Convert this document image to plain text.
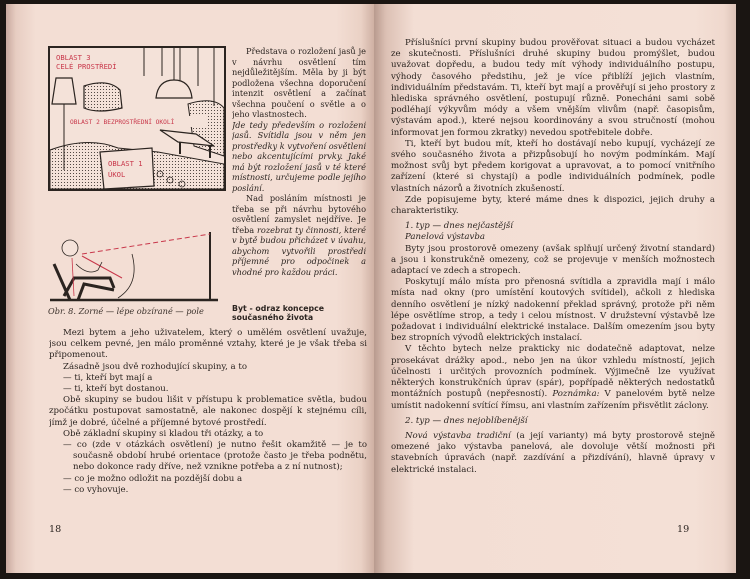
OBLAST 3
CELÉ PROSTŘEDÍ
OBLAST 2 BEZPROSTŘEDNÍ OKOLÍ
OBLAST 1
ÚKOL
Obr. 8. Zorné — lépe obzírané — pole	Byt - odraz koncepce
současného života

Představa o rozložení jasů je v návrhu osvětlení tím nejdůležitějším. Měla by ji být podložena všechna doporučení intenzit osvětlení a začínat všechna poučení o světle a o jeho vlastnostech.

Jde tedy především o rozložení jasů. Svítidla jsou v něm jen prostředky k vytvoření osvětlení nebo akcentujícími prvky. Jaké má být rozložení jasů v té které místnosti, určujeme podle jejího poslání.

Nad posláním místnosti je třeba se při návrhu bytového osvětlení zamyslet nejdříve. Je třeba rozebrat ty činnosti, které v bytě budou přicházet v úvahu, abychom vytvořili prostředí příjemné pro odpočinek a vhodné pro každou práci.

Mezi bytem a jeho uživatelem, který o umělém osvětlení uvažuje, jsou celkem pevné, jen málo proměnné vztahy, které je je však třeba si připomenout.

Zásadně jsou dvě rozhodující skupiny, a to

— ti, kteří byt mají a

— ti, kteří byt dostanou.

Obě skupiny se budou lišit v přístupu k problematice světla, budou zpočátku postupovat samostatně, ale nakonec dospějí k stejnému cíli, jímž je dobré, účelné a příjemné bytové prostředí.

Obě základní skupiny si kladou tři otázky, a to

— co (zde v otázkách osvětlení) je nutno řešit okamžitě — je to současně období hrubé orientace (protože často je třeba podnětu, nebo dokonce rady dříve, než vznikne potřeba a z ní nutnost);

— co je možno odložit na pozdější dobu a

— co vyhovuje.

18

Příslušníci první skupiny budou prověřovat situaci a budou vycházet ze skutečnosti. Příslušníci druhé skupiny budou promýšlet, budou uvažovat dopředu, a budou tedy mít výhody individuálního postupu, výhody časového předstihu, jež je více přiblíží jejich vlastním, individuálním představám. Ti, kteří byt mají a prověřují si jeho prostory z hlediska správného osvětlení, postupují různě. Ponecháni sami sobě podléhají výkyvům módy a všem vnějším vlivům (např. časopisům, výstavám apod.), které nejsou koordinovány a svou stručností (mohou informovat jen formou zkratky) nevedou spotřebitele dobře.

Ti, kteří byt budou mít, kteří ho dostávají nebo kupují, vycházejí ze svého současného života a přizpůsobují ho novým podmínkám. Mají možnost svůj byt předem korigovat a upravovat, a to pomocí vnitřního zařízení (které si chystají) a podle individuálních podmínek, podle vlastních názorů a životních zkušeností.

Zde popisujeme byty, které máme dnes k dispozici, jejich druhy a charakteristiky.

1. typ — dnes nejčastější

Panelová výstavba

Byty jsou prostorově omezeny (avšak splňují určený životní standard) a jsou i konstrukčně omezeny, což se projevuje v menších možnostech adaptací ve zdech a stropech.

Poskytují málo místa pro přenosná svítidla a zpravidla mají i málo místa nad okny (pro umístění koutových svítidel), ačkoli z hlediska denního osvětlení je nízký nadokenní překlad správný, protože při něm lépe osvětlíme strop, a tedy i celou místnost. V družstevní výstavbě lze požadovat i individuální elektrické instalace. Dalším omezením jsou byty bez stropních vývodů elektrických instalací.

V těchto bytech nelze prakticky nic dodatečně adaptovat, nelze prosekávat drážky apod., nebo jen na úkor vzhledu místností, jejich účelnosti i určitých provozních podmínek. Výjimečně lze využívat některých konstrukčních úprav (spár), popřípadě některých nedostatků montážních postupů (nepřesností). Poznámka: V panelovém bytě nelze umístit nadokenní svítící římsu, ani vlastním zařízením přisvětlit záclony.

2. typ — dnes nejoblíbenější

Nová výstavba tradiční (a její varianty) má byty prostorově stejně omezené jako výstavba panelová, ale dovoluje větší možnosti při stavebních úpravách (např. zazdívání a přizdívání), hlavně úpravy v elektrické instalaci.

19
